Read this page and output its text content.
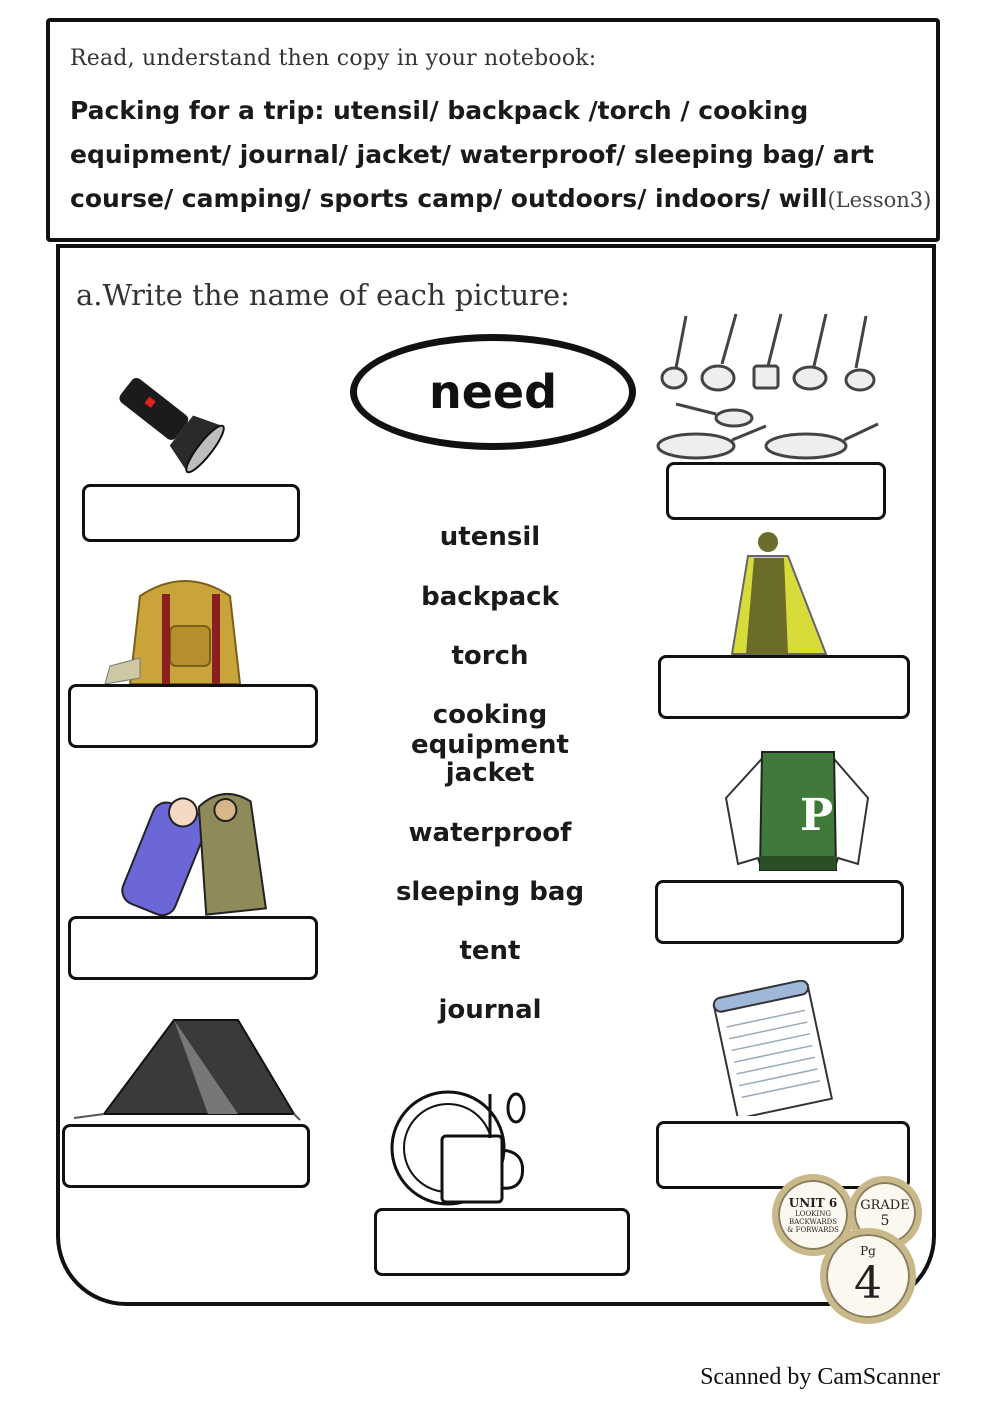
Read, understand then copy in your notebook:
Packing for a trip: utensil/ backpack /torch / cooking
equipment/ journal/ jacket/ waterproof/ sleeping bag/ art
course/ camping/ sports camp/ outdoors/ indoors/ will(Lesson3)
a.Write the name of each picture:
need
utensil
backpack
torch
cooking equipment
jacket
waterproof
sleeping bag
tent
journal
P
UNIT 6
LOOKING
BACKWARDS
& FORWARDS
GRADE
5
Pg
4
Scanned by CamScanner
